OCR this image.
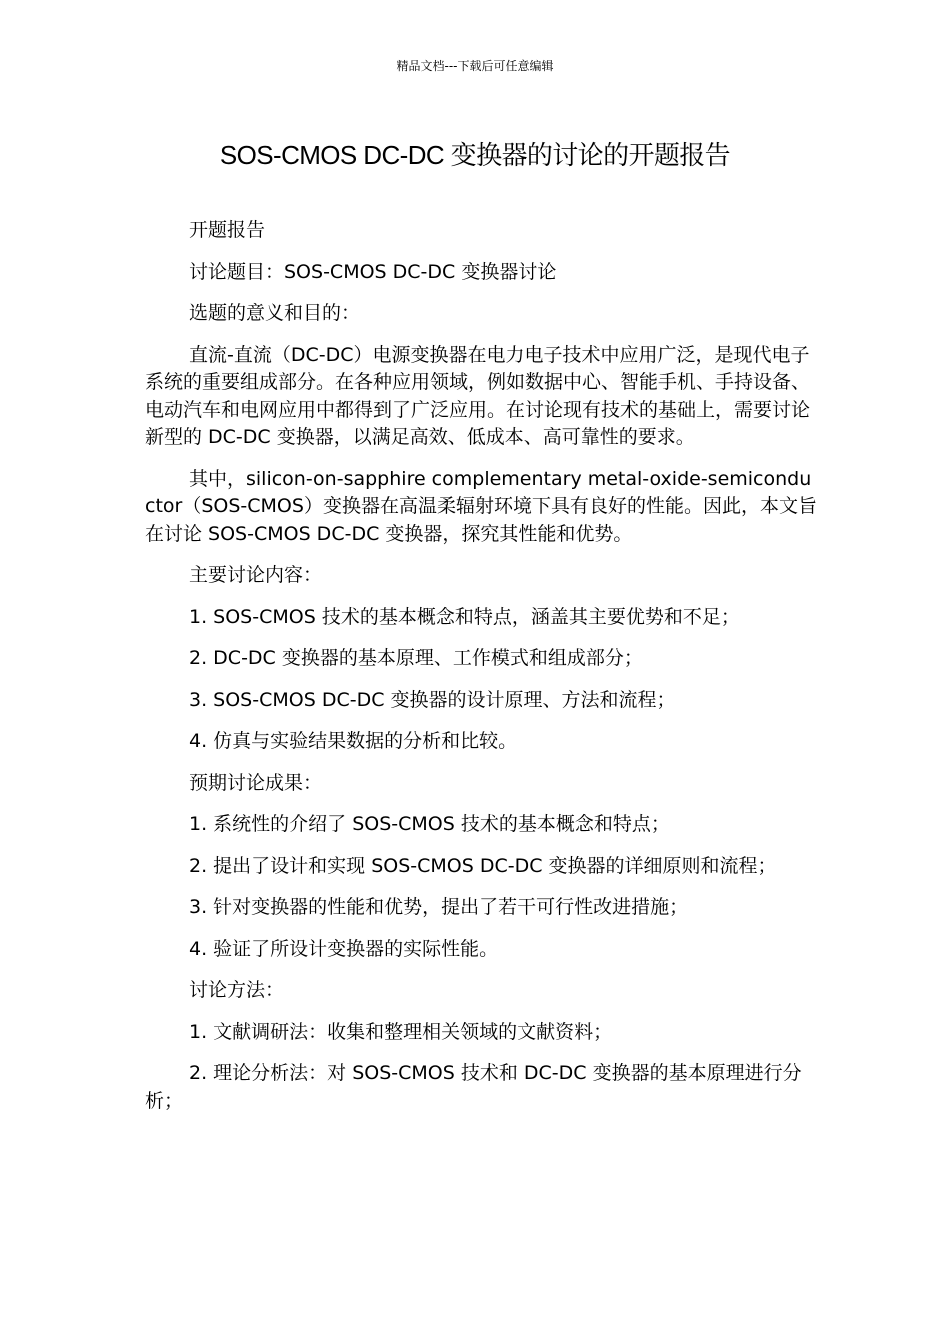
精品文档---下载后可任意编辑
SOS-CMOS DC-DC 变换器的讨论的开题报告

开题报告

讨论题目：SOS-CMOS DC-DC 变换器讨论

选题的意义和目的：

直流-直流（DC-DC）电源变换器在电力电子技术中应用广泛，是现代电子系统的重要组成部分。在各种应用领域，例如数据中心、智能手机、手持设备、电动汽车和电网应用中都得到了广泛应用。在讨论现有技术的基础上，需要讨论新型的 DC-DC 变换器，以满足高效、低成本、高可靠性的要求。

其中，silicon-on-sapphire complementary metal-oxide-semiconductor（SOS-CMOS）变换器在高温柔辐射环境下具有良好的性能。因此，本文旨在讨论 SOS-CMOS DC-DC 变换器，探究其性能和优势。

主要讨论内容：

1. SOS-CMOS 技术的基本概念和特点，涵盖其主要优势和不足；

2. DC-DC 变换器的基本原理、工作模式和组成部分；

3. SOS-CMOS DC-DC 变换器的设计原理、方法和流程；

4. 仿真与实验结果数据的分析和比较。

预期讨论成果：

1. 系统性的介绍了 SOS-CMOS 技术的基本概念和特点；

2. 提出了设计和实现 SOS-CMOS DC-DC 变换器的详细原则和流程；

3. 针对变换器的性能和优势，提出了若干可行性改进措施；

4. 验证了所设计变换器的实际性能。

讨论方法：

1. 文献调研法：收集和整理相关领域的文献资料；

2. 理论分析法：对 SOS-CMOS 技术和 DC-DC 变换器的基本原理进行分析；
